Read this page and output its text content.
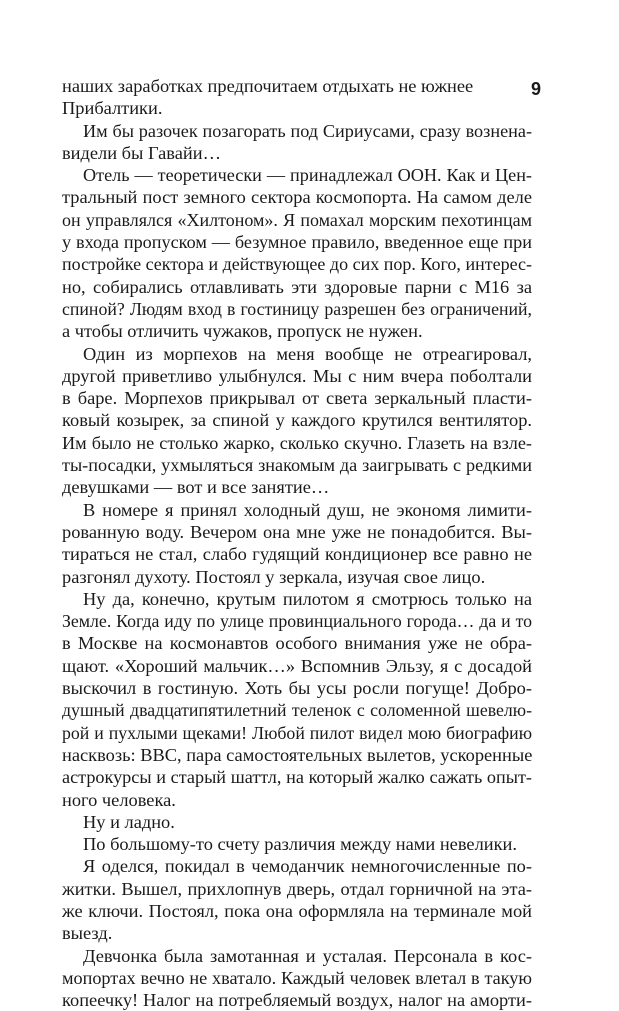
9

наших заработках предпочитаем отдыхать не южнее
Прибалтики.

Им бы разочек позагорать под Сириусами, сразу вознена-
видели бы Гавайи…

Отель — теоретически — принадлежал ООН. Как и Цен-
тральный пост земного сектора космопорта. На самом деле
он управлялся «Хилтоном». Я помахал морским пехотинцам
у входа пропуском — безумное правило, введенное еще при
постройке сектора и действующее до сих пор. Кого, интерес-
но, собирались отлавливать эти здоровые парни с М16 за
спиной? Людям вход в гостиницу разрешен без ограничений,
а чтобы отличить чужаков, пропуск не нужен.

Один из морпехов на меня вообще не отреагировал,
другой приветливо улыбнулся. Мы с ним вчера поболтали
в баре. Морпехов прикрывал от света зеркальный пласти-
ковый козырек, за спиной у каждого крутился вентилятор.
Им было не столько жарко, сколько скучно. Глазеть на взле-
ты-посадки, ухмыляться знакомым да заигрывать с редкими
девушками — вот и все занятие…

В номере я принял холодный душ, не экономя лимити-
рованную воду. Вечером она мне уже не понадобится. Вы-
тираться не стал, слабо гудящий кондиционер все равно не
разгонял духоту. Постоял у зеркала, изучая свое лицо.

Ну да, конечно, крутым пилотом я смотрюсь только на
Земле. Когда иду по улице провинциального города… да и то
в Москве на космонавтов особого внимания уже не обра-
щают. «Хороший мальчик…» Вспомнив Эльзу, я с досадой
выскочил в гостиную. Хоть бы усы росли погуще! Добро-
душный двадцатипятилетний теленок с соломенной шевелю-
рой и пухлыми щеками! Любой пилот видел мою биографию
насквозь: ВВС, пара самостоятельных вылетов, ускоренные
астрокурсы и старый шаттл, на который жалко сажать опыт-
ного человека.

Ну и ладно.

По большому-то счету различия между нами невелики.

Я оделся, покидал в чемоданчик немногочисленные по-
житки. Вышел, прихлопнув дверь, отдал горничной на эта-
же ключи. Постоял, пока она оформляла на терминале мой
выезд.

Девчонка была замотанная и усталая. Персонала в кос-
мопортах вечно не хватало. Каждый человек влетал в такую
копеечку! Налог на потребляемый воздух, налог на аморти-
